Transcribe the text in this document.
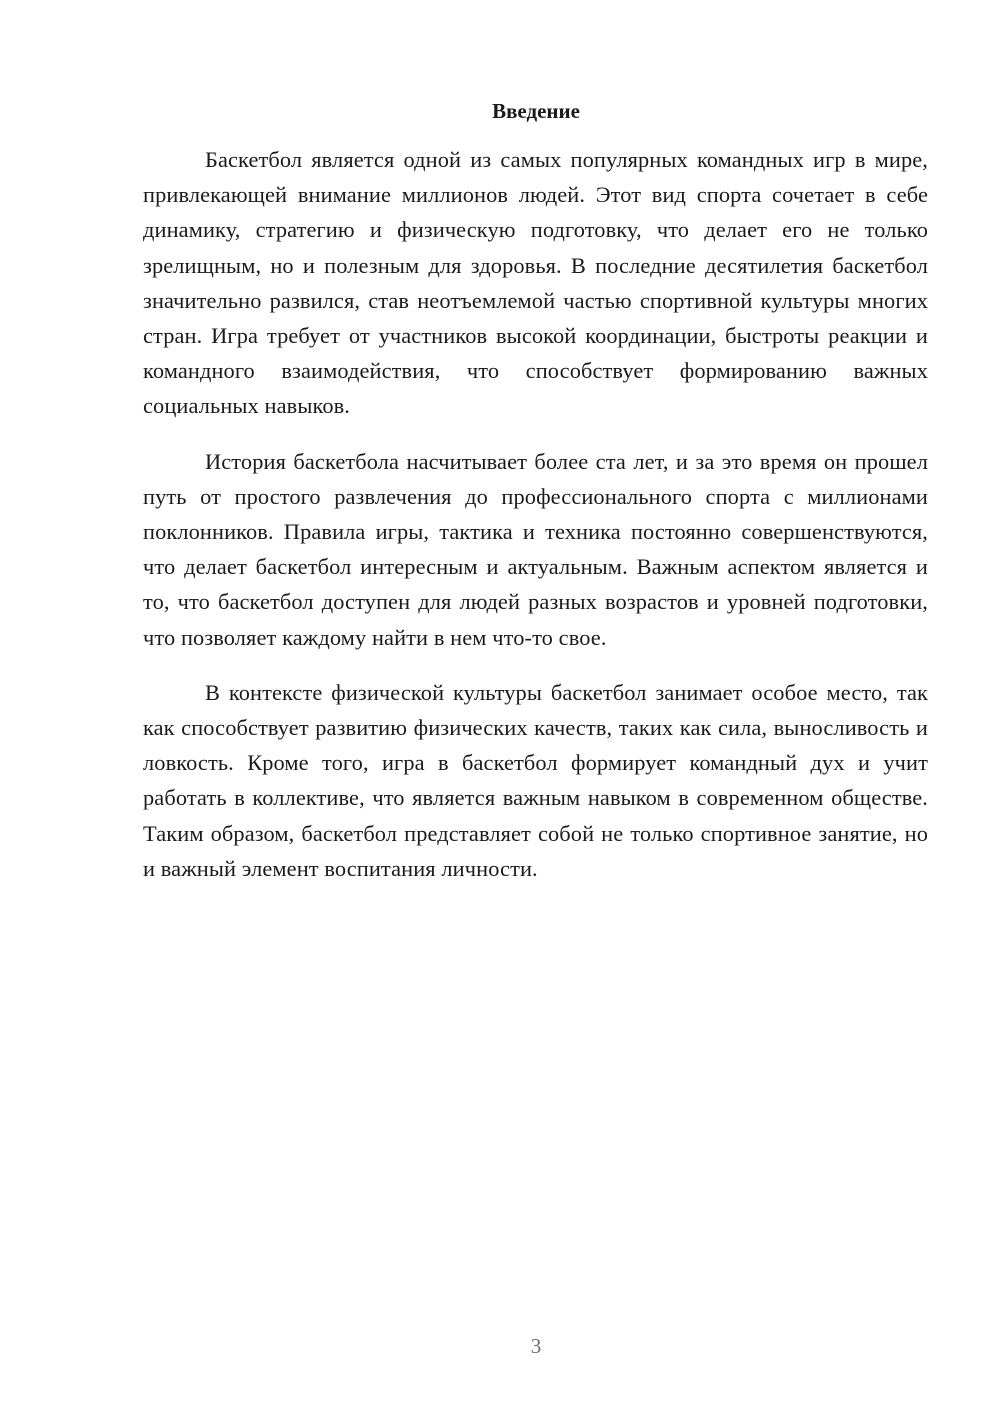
Введение

Баскетбол является одной из самых популярных командных игр в мире, привлекающей внимание миллионов людей. Этот вид спорта сочетает в себе динамику, стратегию и физическую подготовку, что делает его не только зрелищным, но и полезным для здоровья. В последние десятилетия баскетбол значительно развился, став неотъемлемой частью спортивной культуры многих стран. Игра требует от участников высокой координации, быстроты реакции и командного взаимодействия, что способствует формированию важных социальных навыков.

История баскетбола насчитывает более ста лет, и за это время он прошел путь от простого развлечения до профессионального спорта с миллионами поклонников. Правила игры, тактика и техника постоянно совершенствуются, что делает баскетбол интересным и актуальным. Важным аспектом является и то, что баскетбол доступен для людей разных возрастов и уровней подготовки, что позволяет каждому найти в нем что-то свое.

В контексте физической культуры баскетбол занимает особое место, так как способствует развитию физических качеств, таких как сила, выносливость и ловкость. Кроме того, игра в баскетбол формирует командный дух и учит работать в коллективе, что является важным навыком в современном обществе. Таким образом, баскетбол представляет собой не только спортивное занятие, но и важный элемент воспитания личности.

3
